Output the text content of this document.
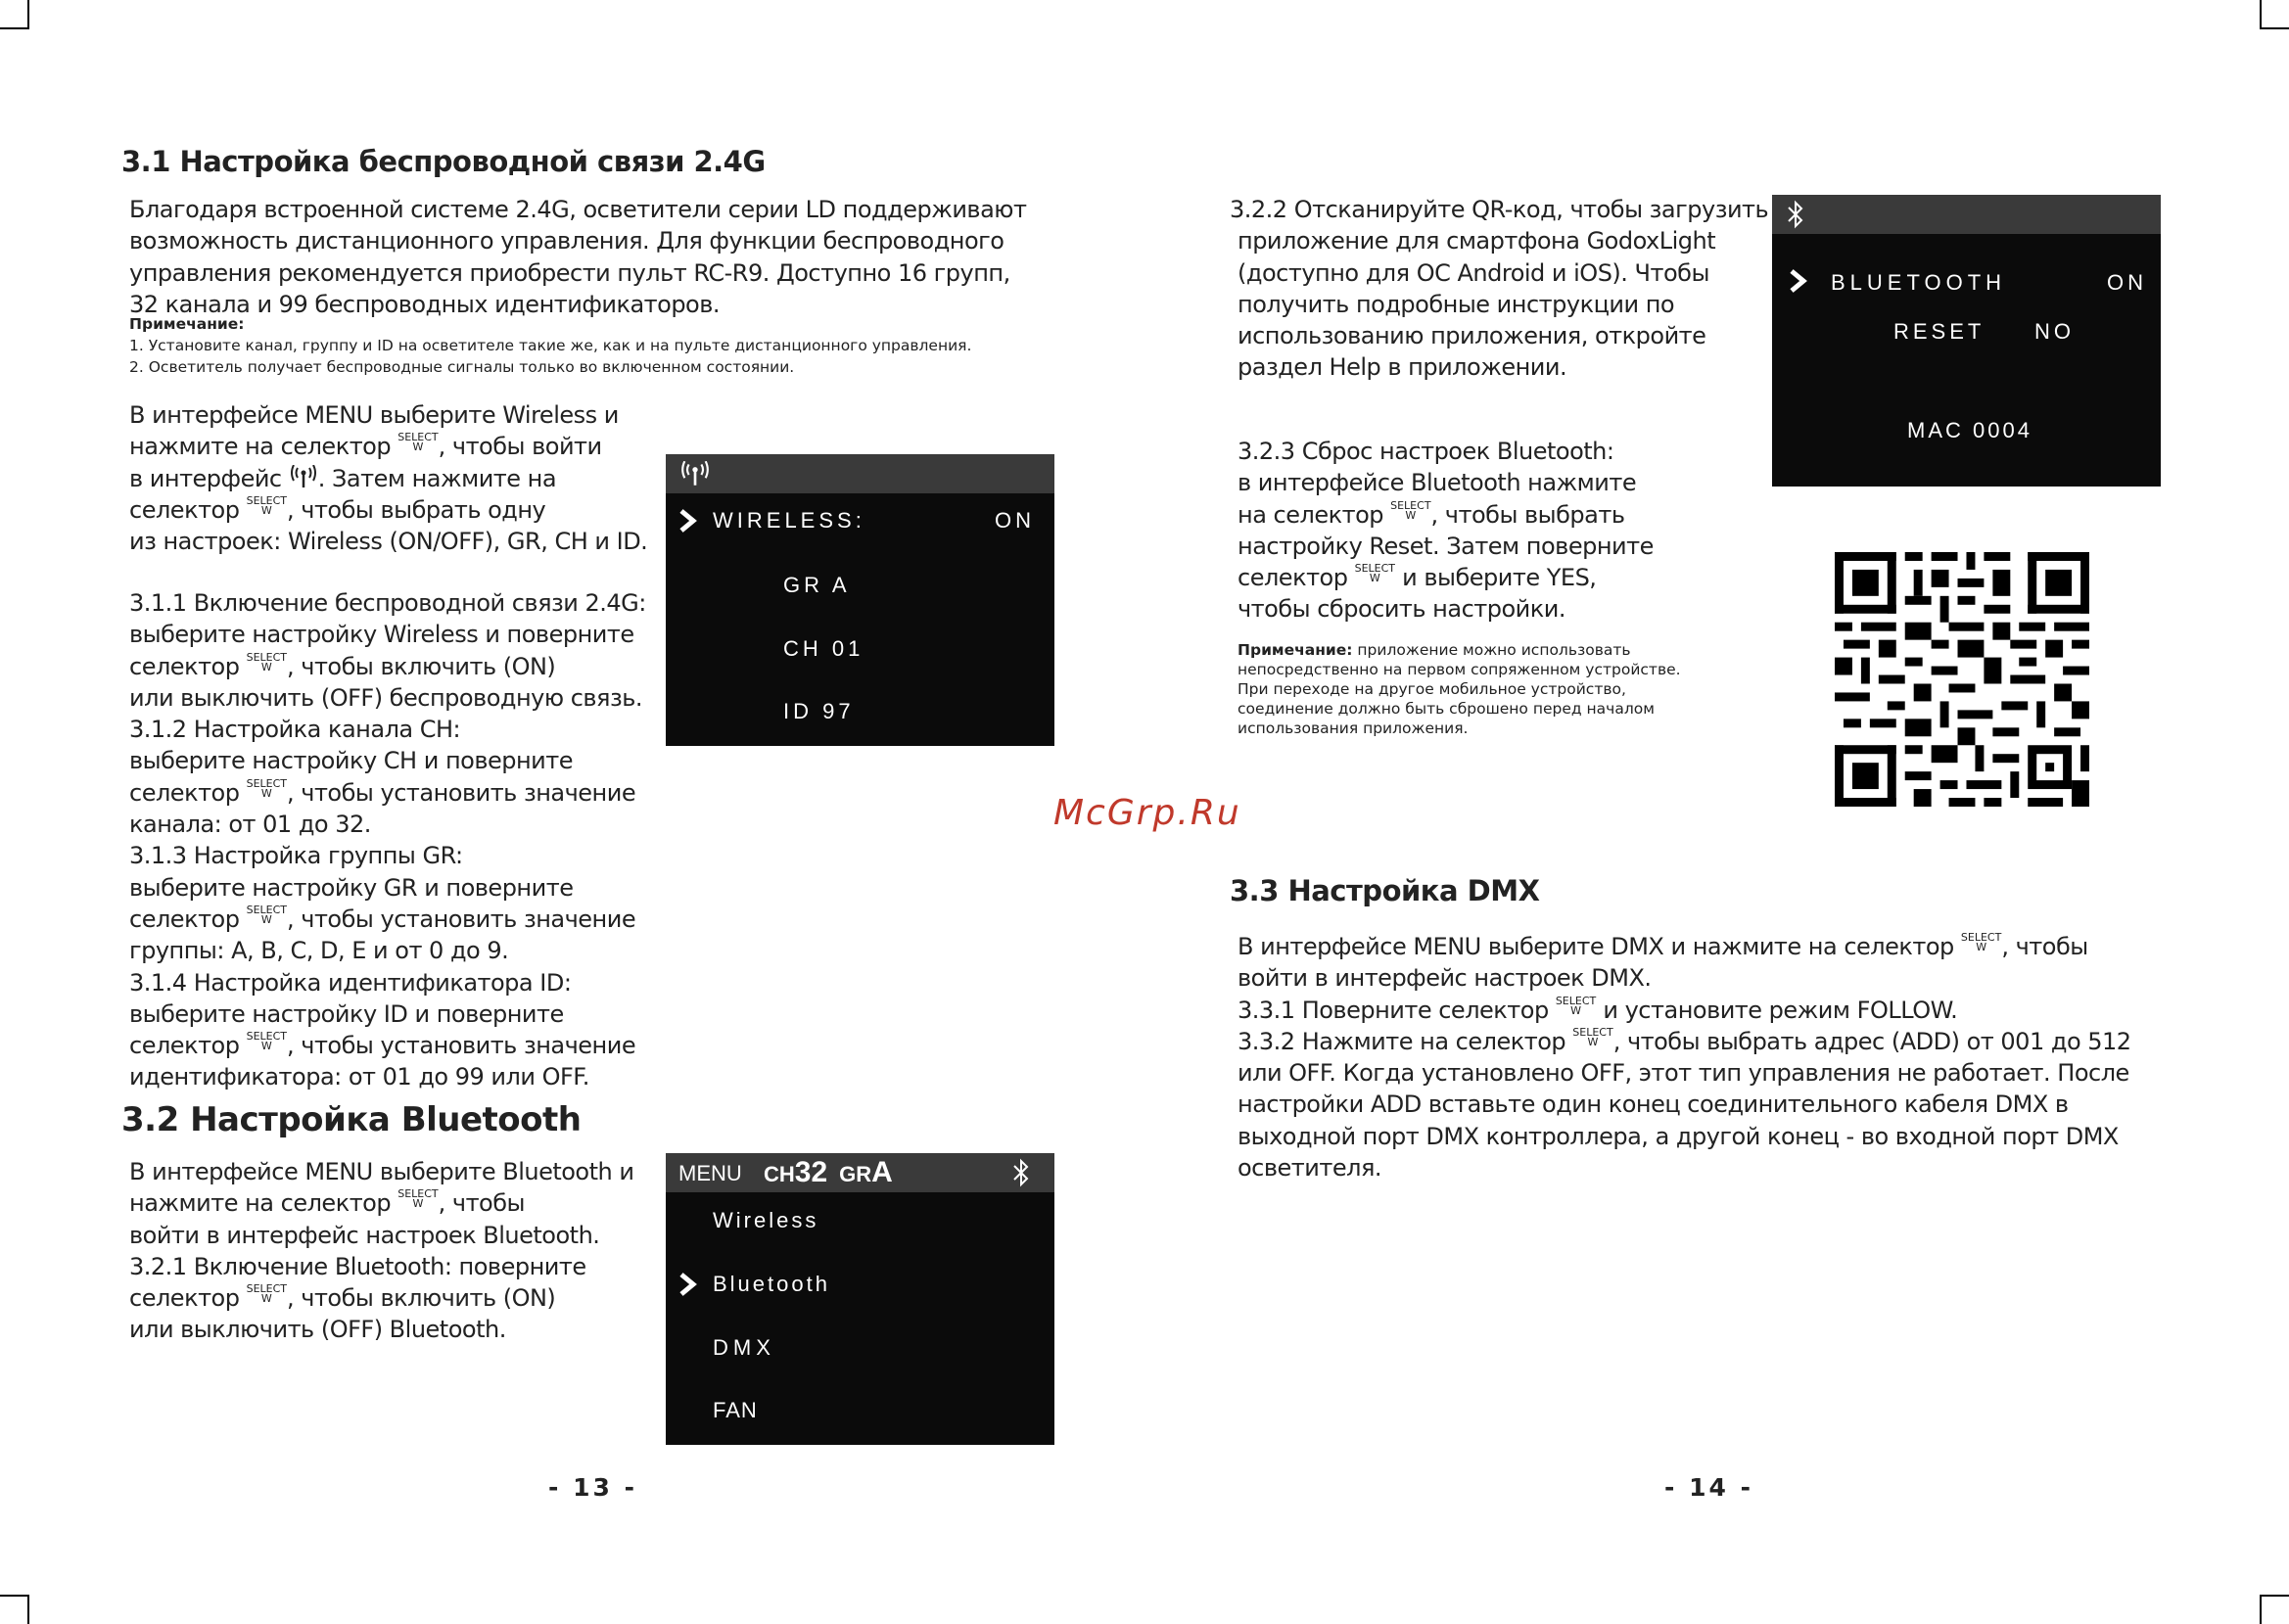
3.1 Настройка беспроводной связи 2.4G
Благодаря встроенной системе 2.4G, осветители серии LD поддерживают
возможность дистанционного управления. Для функции беспроводного
управления рекомендуется приобрести пульт RC-R9. Доступно 16 групп,
32 канала и 99 беспроводных идентификаторов.
Примечание:
1. Установите канал, группу и ID на осветителе такие же, как и на пульте дистанционного управления.
2. Осветитель получает беспроводные сигналы только во включенном состоянии.
В интерфейсе MENU выберите Wireless и
нажмите на селектор SELECT
W , чтобы войти
в интерфейс . Затем нажмите на
селектор SELECT
W , чтобы выбрать одну
из настроек: Wireless (ON/OFF), GR, CH и ID.
3.1.1 Включение беспроводной связи 2.4G:
выберите настройку Wireless и поверните
селектор SELECT
W , чтобы включить (ON)
или выключить (OFF) беспроводную связь.
3.1.2 Настройка канала CH:
выберите настройку CH и поверните
селектор SELECT
W , чтобы установить значение
канала: от 01 до 32.
3.1.3 Настройка группы GR:
выберите настройку GR и поверните
селектор SELECT
W , чтобы установить значение
группы: A, B, C, D, E и от 0 до 9.
3.1.4 Настройка идентификатора ID:
выберите настройку ID и поверните
селектор SELECT
W , чтобы установить значение
идентификатора: от 01 до 99 или OFF.
3.2 Настройка Bluetooth
В интерфейсе MENU выберите Bluetooth и
нажмите на селектор SELECT
W , чтобы
войти в интерфейс настроек Bluetooth.
3.2.1 Включение Bluetooth: поверните
селектор SELECT
W , чтобы включить (ON)
или выключить (OFF) Bluetooth.
WIRELESS:	ON
GR A
CH 01
ID 97
MENU CH32 GRA
Wireless
Bluetooth
DMX
FAN
- 13 -
McGrp.Ru
3.2.2 Отсканируйте QR-код, чтобы загрузить
приложение для смартфона GodoxLight
(доступно для ОС Android и iOS). Чтобы
получить подробные инструкции по
использованию приложения, откройте
раздел Help в приложении.
3.2.3 Сброс настроек Bluetooth:
в интерфейсе Bluetooth нажмите
на селектор SELECT
W , чтобы выбрать
настройку Reset. Затем поверните
селектор SELECT
W и выберите YES,
чтобы сбросить настройки.
Примечание: приложение можно использовать
непосредственно на первом сопряженном устройстве.
При переходе на другое мобильное устройство,
соединение должно быть сброшено перед началом
использования приложения.
BLUETOOTH	ON
RESET NO
MAC 0004
3.3 Настройка DMX
В интерфейсе MENU выберите DMX и нажмите на селектор SELECT
W , чтобы
войти в интерфейс настроек DMX.
3.3.1 Поверните селектор SELECT
W и установите режим FOLLOW.
3.3.2 Нажмите на селектор SELECT
W , чтобы выбрать адрес (ADD) от 001 до 512
или OFF. Когда установлено OFF, этот тип управления не работает. После
настройки ADD вставьте один конец соединительного кабеля DMX в
выходной порт DMX контроллера, а другой конец - во входной порт DMX
осветителя.
- 14 -
